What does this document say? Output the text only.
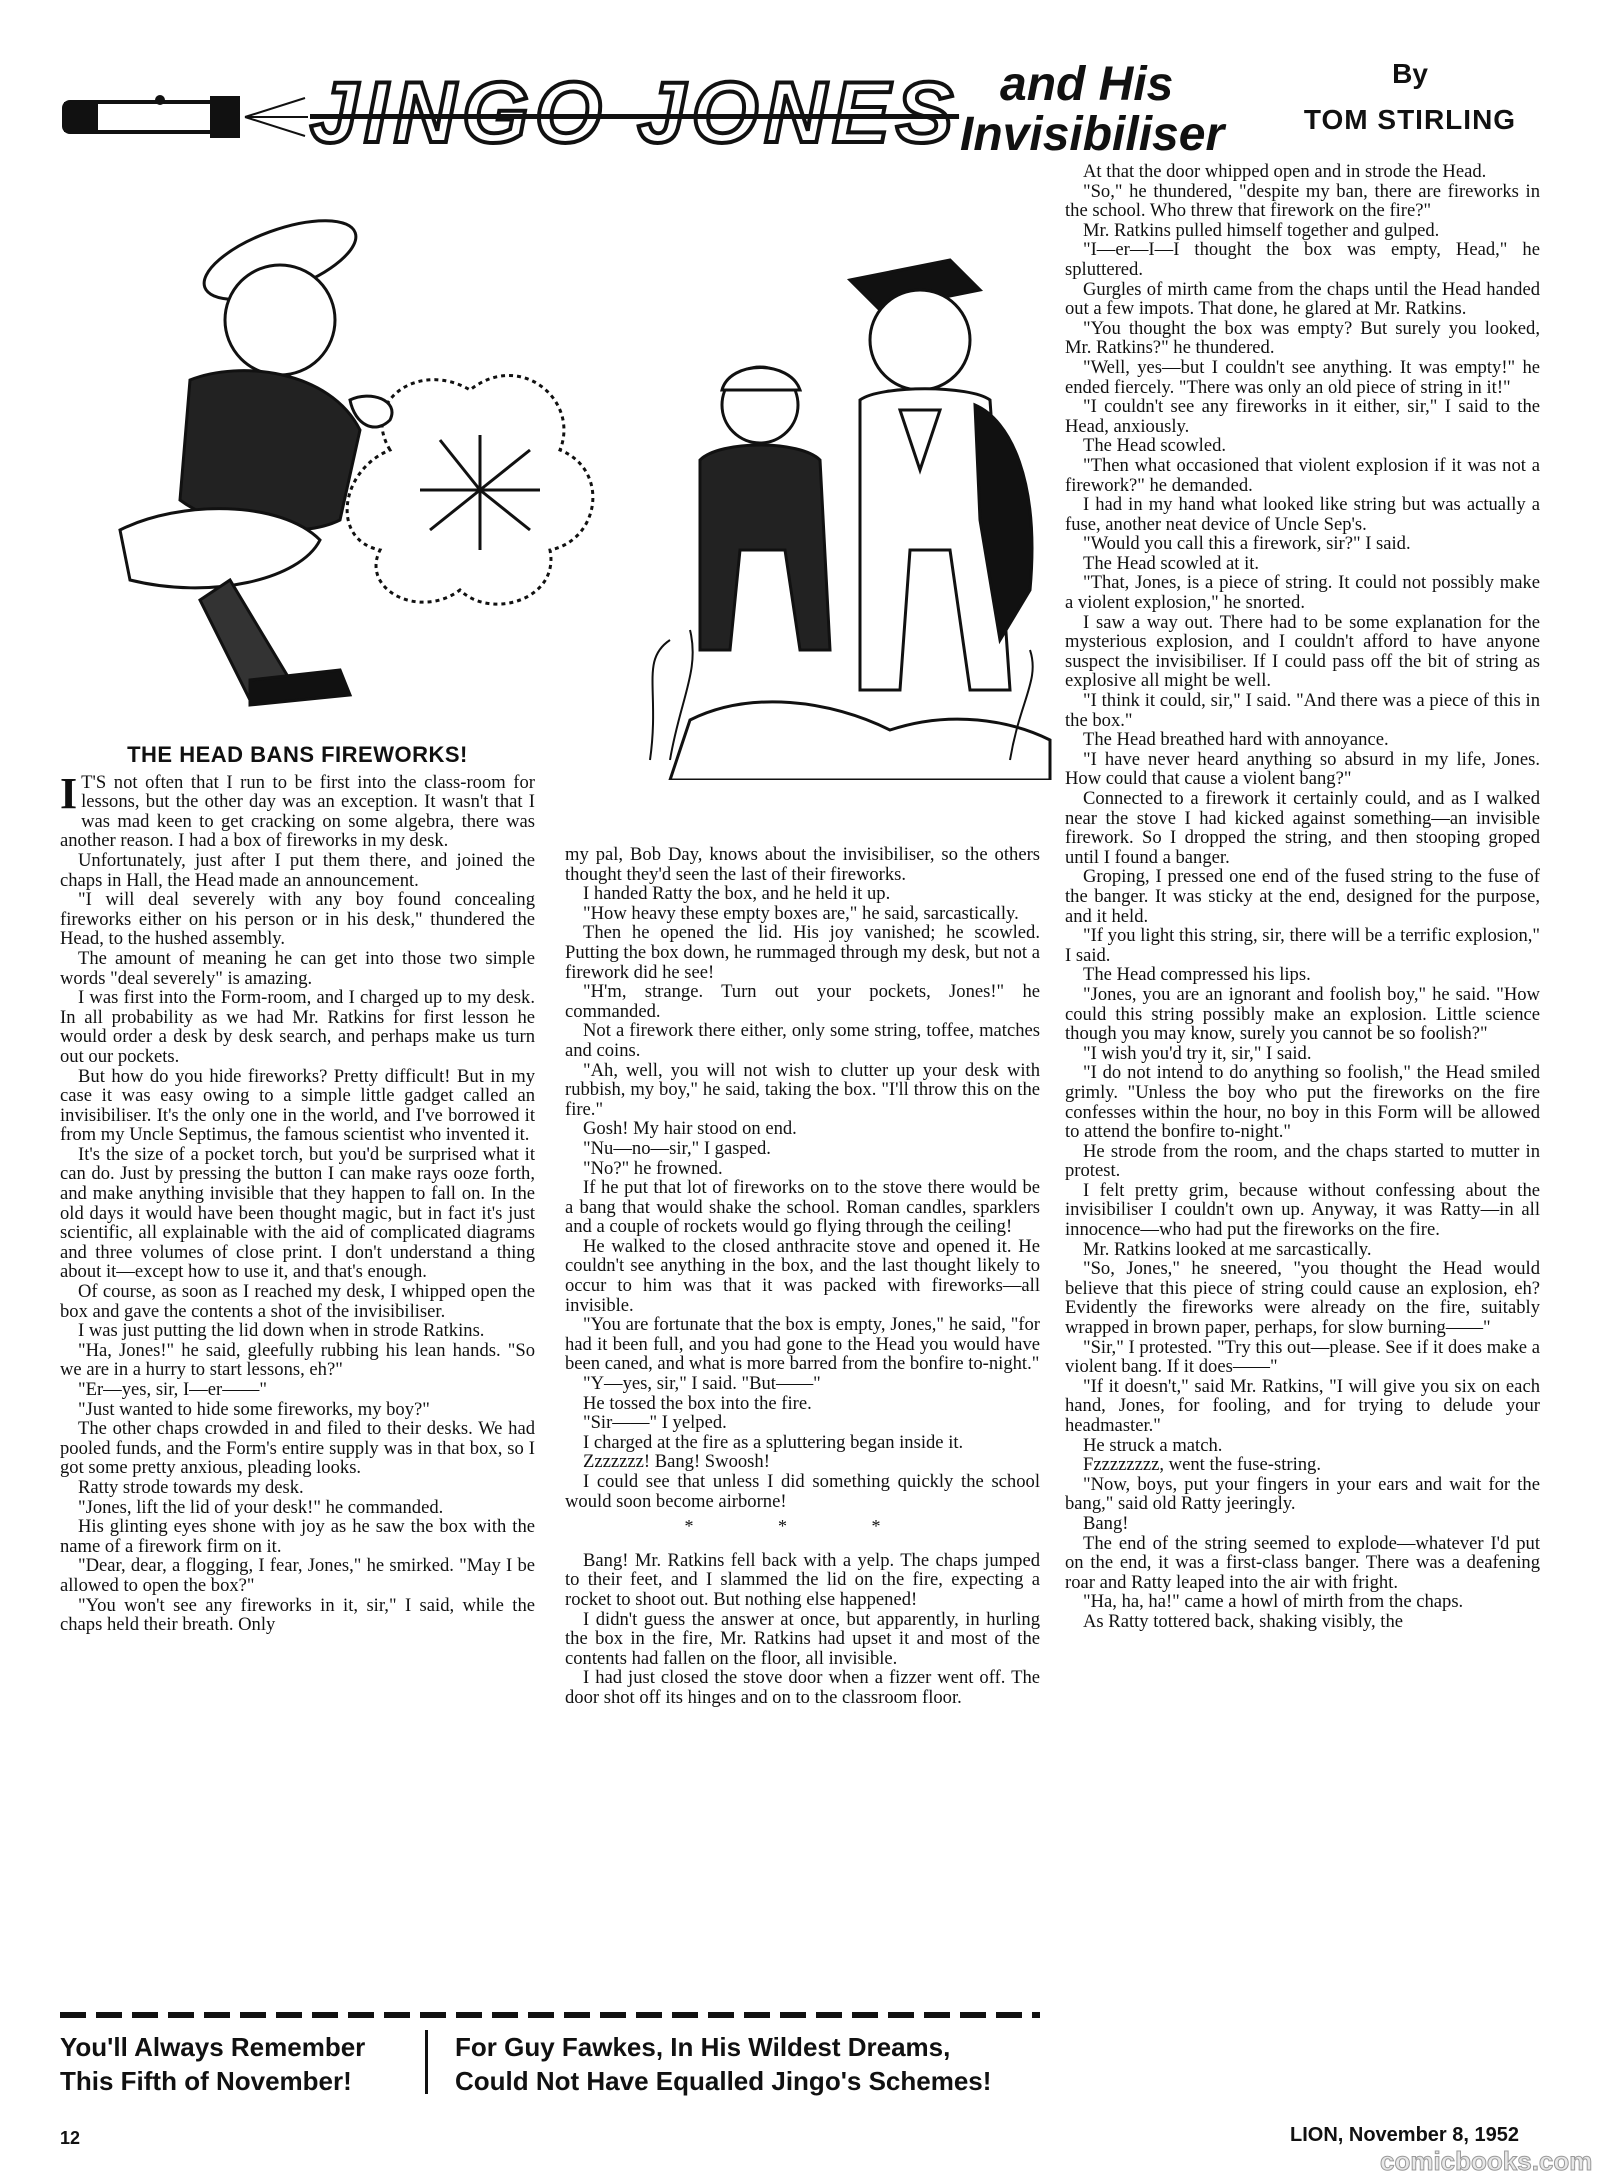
JINGO JONES and His
Invisibiliser
By
TOM STIRLING
THE HEAD BANS FIREWORKS!
I T'S not often that I run to be first into the class-room for lessons, but the other day was an exception. It wasn't that I was mad keen to get cracking on some algebra, there was another reason. I had a box of fireworks in my desk.

Unfortunately, just after I put them there, and joined the chaps in Hall, the Head made an announcement.

"I will deal severely with any boy found concealing fireworks either on his person or in his desk," thundered the Head, to the hushed assembly.

The amount of meaning he can get into those two simple words "deal severely" is amazing.

I was first into the Form-room, and I charged up to my desk. In all probability as we had Mr. Ratkins for first lesson he would order a desk by desk search, and perhaps make us turn out our pockets.

But how do you hide fireworks? Pretty difficult! But in my case it was easy owing to a simple little gadget called an invisibiliser. It's the only one in the world, and I've borrowed it from my Uncle Septimus, the famous scientist who invented it.

It's the size of a pocket torch, but you'd be surprised what it can do. Just by pressing the button I can make rays ooze forth, and make anything invisible that they happen to fall on. In the old days it would have been thought magic, but in fact it's just scientific, all explainable with the aid of complicated diagrams and three volumes of close print. I don't understand a thing about it—except how to use it, and that's enough.

Of course, as soon as I reached my desk, I whipped open the box and gave the contents a shot of the invisibiliser.

I was just putting the lid down when in strode Ratkins.

"Ha, Jones!" he said, gleefully rubbing his lean hands. "So we are in a hurry to start lessons, eh?"

"Er—yes, sir, I—er——"

"Just wanted to hide some fireworks, my boy?"

The other chaps crowded in and filed to their desks. We had pooled funds, and the Form's entire supply was in that box, so I got some pretty anxious, pleading looks.

Ratty strode towards my desk.

"Jones, lift the lid of your desk!" he commanded.

His glinting eyes shone with joy as he saw the box with the name of a firework firm on it.

"Dear, dear, a flogging, I fear, Jones," he smirked. "May I be allowed to open the box?"

"You won't see any fireworks in it, sir," I said, while the chaps held their breath. Only

my pal, Bob Day, knows about the invisibiliser, so the others thought they'd seen the last of their fireworks.

I handed Ratty the box, and he held it up.

"How heavy these empty boxes are," he said, sarcastically.

Then he opened the lid. His joy vanished; he scowled. Putting the box down, he rummaged through my desk, but not a firework did he see!

"H'm, strange. Turn out your pockets, Jones!" he commanded.

Not a firework there either, only some string, toffee, matches and coins.

"Ah, well, you will not wish to clutter up your desk with rubbish, my boy," he said, taking the box. "I'll throw this on the fire."

Gosh! My hair stood on end.

"Nu—no—sir," I gasped.

"No?" he frowned.

If he put that lot of fireworks on to the stove there would be a bang that would shake the school. Roman candles, sparklers and a couple of rockets would go flying through the ceiling!

He walked to the closed anthracite stove and opened it. He couldn't see anything in the box, and the last thought likely to occur to him was that it was packed with fireworks—all invisible.

"You are fortunate that the box is empty, Jones," he said, "for had it been full, and you had gone to the Head you would have been caned, and what is more barred from the bonfire to-night."

"Y—yes, sir," I said. "But——"

He tossed the box into the fire.

"Sir——" I yelped.

I charged at the fire as a spluttering began inside it.

Zzzzzzz! Bang! Swoosh!

I could see that unless I did something quickly the school would soon become airborne!

* * *

Bang! Mr. Ratkins fell back with a yelp. The chaps jumped to their feet, and I slammed the lid on the fire, expecting a rocket to shoot out. But nothing else happened!

I didn't guess the answer at once, but apparently, in hurling the box in the fire, Mr. Ratkins had upset it and most of the contents had fallen on the floor, all invisible.

I had just closed the stove door when a fizzer went off. The door shot off its hinges and on to the classroom floor.

At that the door whipped open and in strode the Head.

"So," he thundered, "despite my ban, there are fireworks in the school. Who threw that firework on the fire?"

Mr. Ratkins pulled himself together and gulped.

"I—er—I—I thought the box was empty, Head," he spluttered.

Gurgles of mirth came from the chaps until the Head handed out a few impots. That done, he glared at Mr. Ratkins.

"You thought the box was empty? But surely you looked, Mr. Ratkins?" he thundered.

"Well, yes—but I couldn't see anything. It was empty!" he ended fiercely. "There was only an old piece of string in it!"

"I couldn't see any fireworks in it either, sir," I said to the Head, anxiously.

The Head scowled.

"Then what occasioned that violent explosion if it was not a firework?" he demanded.

I had in my hand what looked like string but was actually a fuse, another neat device of Uncle Sep's.

"Would you call this a firework, sir?" I said.

The Head scowled at it.

"That, Jones, is a piece of string. It could not possibly make a violent explosion," he snorted.

I saw a way out. There had to be some explanation for the mysterious explosion, and I couldn't afford to have anyone suspect the invisibiliser. If I could pass off the bit of string as explosive all might be well.

"I think it could, sir," I said. "And there was a piece of this in the box."

The Head breathed hard with annoyance.

"I have never heard anything so absurd in my life, Jones. How could that cause a violent bang?"

Connected to a firework it certainly could, and as I walked near the stove I had kicked against something—an invisible firework. So I dropped the string, and then stooping groped until I found a banger.

Groping, I pressed one end of the fused string to the fuse of the banger. It was sticky at the end, designed for the purpose, and it held.

"If you light this string, sir, there will be a terrific explosion," I said.

The Head compressed his lips.

"Jones, you are an ignorant and foolish boy," he said. "How could this string possibly make an explosion. Little science though you may know, surely you cannot be so foolish?"

"I wish you'd try it, sir," I said.

"I do not intend to do anything so foolish," the Head smiled grimly. "Unless the boy who put the fireworks on the fire confesses within the hour, no boy in this Form will be allowed to attend the bonfire to-night."

He strode from the room, and the chaps started to mutter in protest.

I felt pretty grim, because without confessing about the invisibiliser I couldn't own up. Anyway, it was Ratty—in all innocence—who had put the fireworks on the fire.

Mr. Ratkins looked at me sarcastically.

"So, Jones," he sneered, "you thought the Head would believe that this piece of string could cause an explosion, eh? Evidently the fireworks were already on the fire, suitably wrapped in brown paper, perhaps, for slow burning——"

"Sir," I protested. "Try this out—please. See if it does make a violent bang. If it does——"

"If it doesn't," said Mr. Ratkins, "I will give you six on each hand, Jones, for fooling, and for trying to delude your headmaster."

He struck a match.

Fzzzzzzzz, went the fuse-string.

"Now, boys, put your fingers in your ears and wait for the bang," said old Ratty jeeringly.

Bang!

The end of the string seemed to explode—whatever I'd put on the end, it was a first-class banger. There was a deafening roar and Ratty leaped into the air with fright.

"Ha, ha, ha!" came a howl of mirth from the chaps.

As Ratty tottered back, shaking visibly, the

You'll Always Remember
This Fifth of November!
For Guy Fawkes, In His Wildest Dreams,
Could Not Have Equalled Jingo's Schemes!
12	LION, November 8, 1952
comicbooks.com
